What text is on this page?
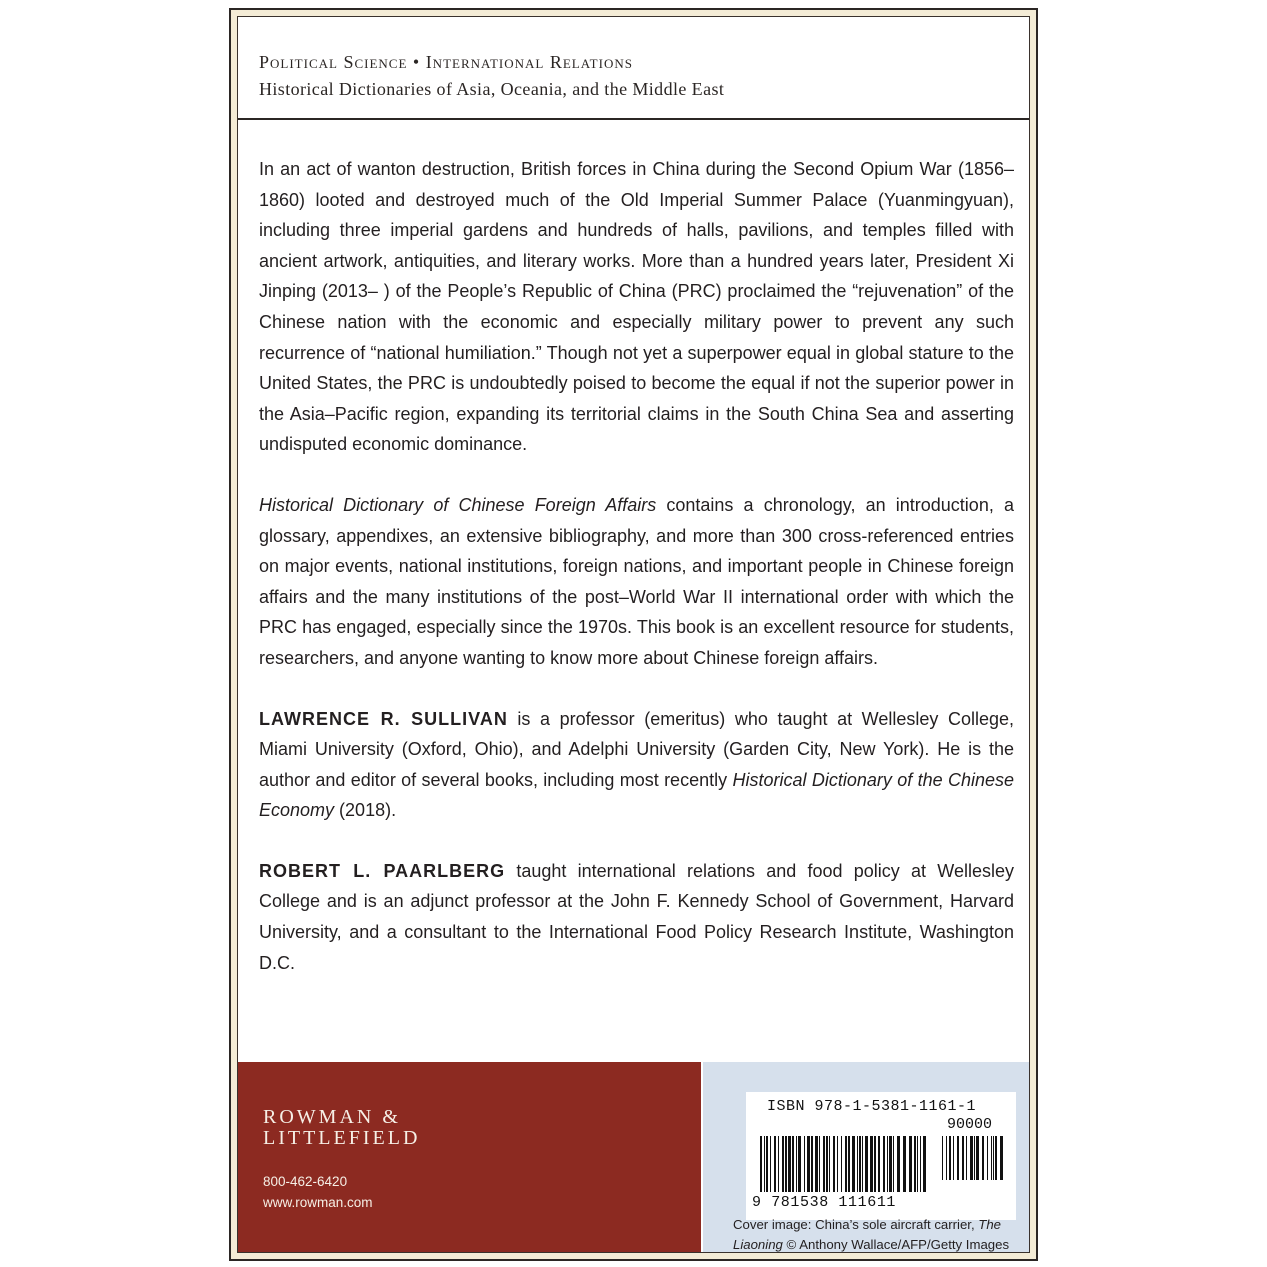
Political Science • International Relations
Historical Dictionaries of Asia, Oceania, and the Middle East

In an act of wanton destruction, British forces in China during the Second Opium War (1856–1860) looted and destroyed much of the Old Imperial Summer Palace (Yuanmingyuan), including three imperial gardens and hundreds of halls, pavilions, and temples filled with ancient artwork, antiquities, and literary works. More than a hundred years later, President Xi Jinping (2013– ) of the People’s Republic of China (PRC) proclaimed the “rejuvenation” of the Chinese nation with the economic and especially military power to prevent any such recurrence of “national humiliation.” Though not yet a superpower equal in global stature to the United States, the PRC is undoubtedly poised to become the equal if not the superior power in the Asia–Pacific region, expanding its territorial claims in the South China Sea and asserting undisputed economic dominance.

Historical Dictionary of Chinese Foreign Affairs contains a chronology, an introduction, a glossary, appendixes, an extensive bibliography, and more than 300 cross-referenced entries on major events, national institutions, foreign nations, and important people in Chinese foreign affairs and the many institutions of the post–World War II international order with which the PRC has engaged, especially since the 1970s. This book is an excellent resource for students, researchers, and anyone wanting to know more about Chinese foreign affairs.

LAWRENCE R. SULLIVAN is a professor (emeritus) who taught at Wellesley College, Miami University (Oxford, Ohio), and Adelphi University (Garden City, New York). He is the author and editor of several books, including most recently Historical Dictionary of the Chinese Economy (2018).

ROBERT L. PAARLBERG taught international relations and food policy at Wellesley College and is an adjunct professor at the John F. Kennedy School of Government, Harvard University, and a consultant to the International Food Policy Research Institute, Washington D.C.

ROWMAN &
LITTLEFIELD
800-462-6420
www.rowman.com
ISBN 978-1-5381-1161-1
90000
9 781538 111611
Cover image: China’s sole aircraft carrier, The Liaoning © Anthony Wallace/AFP/Getty Images
